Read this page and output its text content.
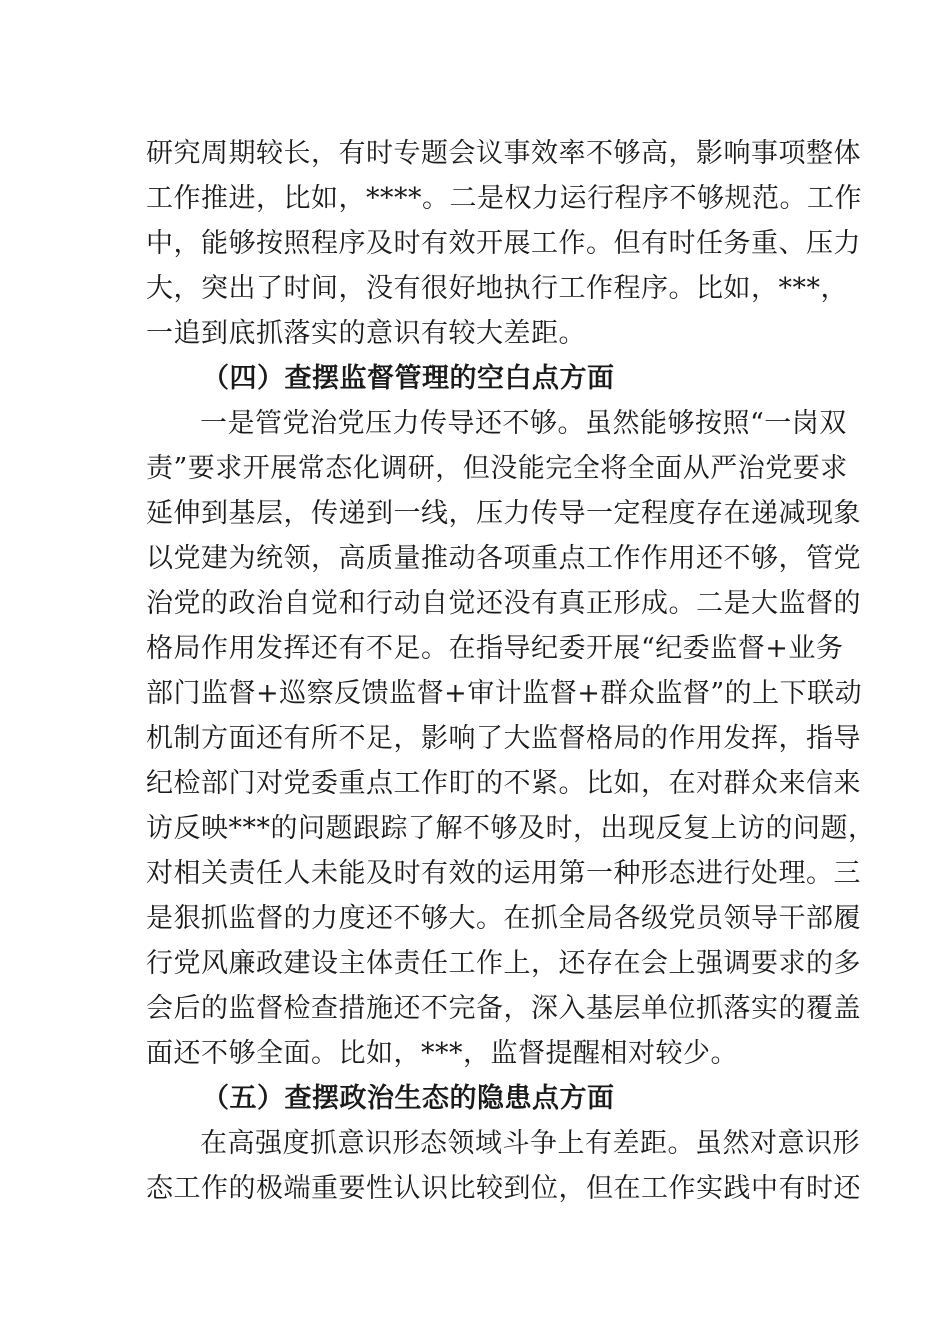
研究周期较长，有时专题会议事效率不够高，影响事项整体
工作推进，比如，****。二是权力运行程序不够规范。工作
中，能够按照程序及时有效开展工作。但有时任务重、压力
大，突出了时间，没有很好地执行工作程序。比如，***，
一追到底抓落实的意识有较大差距。
（四）查摆监督管理的空白点方面
一是管党治党压力传导还不够。虽然能够按照“一岗双
责”要求开展常态化调研，但没能完全将全面从严治党要求
延伸到基层，传递到一线，压力传导一定程度存在递减现象
以党建为统领，高质量推动各项重点工作作用还不够，管党
治党的政治自觉和行动自觉还没有真正形成。二是大监督的
格局作用发挥还有不足。在指导纪委开展“纪委监督+业务
部门监督+巡察反馈监督+审计监督+群众监督”的上下联动
机制方面还有所不足，影响了大监督格局的作用发挥，指导
纪检部门对党委重点工作盯的不紧。比如，在对群众来信来
访反映***的问题跟踪了解不够及时，出现反复上访的问题，
对相关责任人未能及时有效的运用第一种形态进行处理。三
是狠抓监督的力度还不够大。在抓全局各级党员领导干部履
行党风廉政建设主体责任工作上，还存在会上强调要求的多
会后的监督检查措施还不完备，深入基层单位抓落实的覆盖
面还不够全面。比如，***，监督提醒相对较少。
（五）查摆政治生态的隐患点方面
在高强度抓意识形态领域斗争上有差距。虽然对意识形
态工作的极端重要性认识比较到位，但在工作实践中有时还
